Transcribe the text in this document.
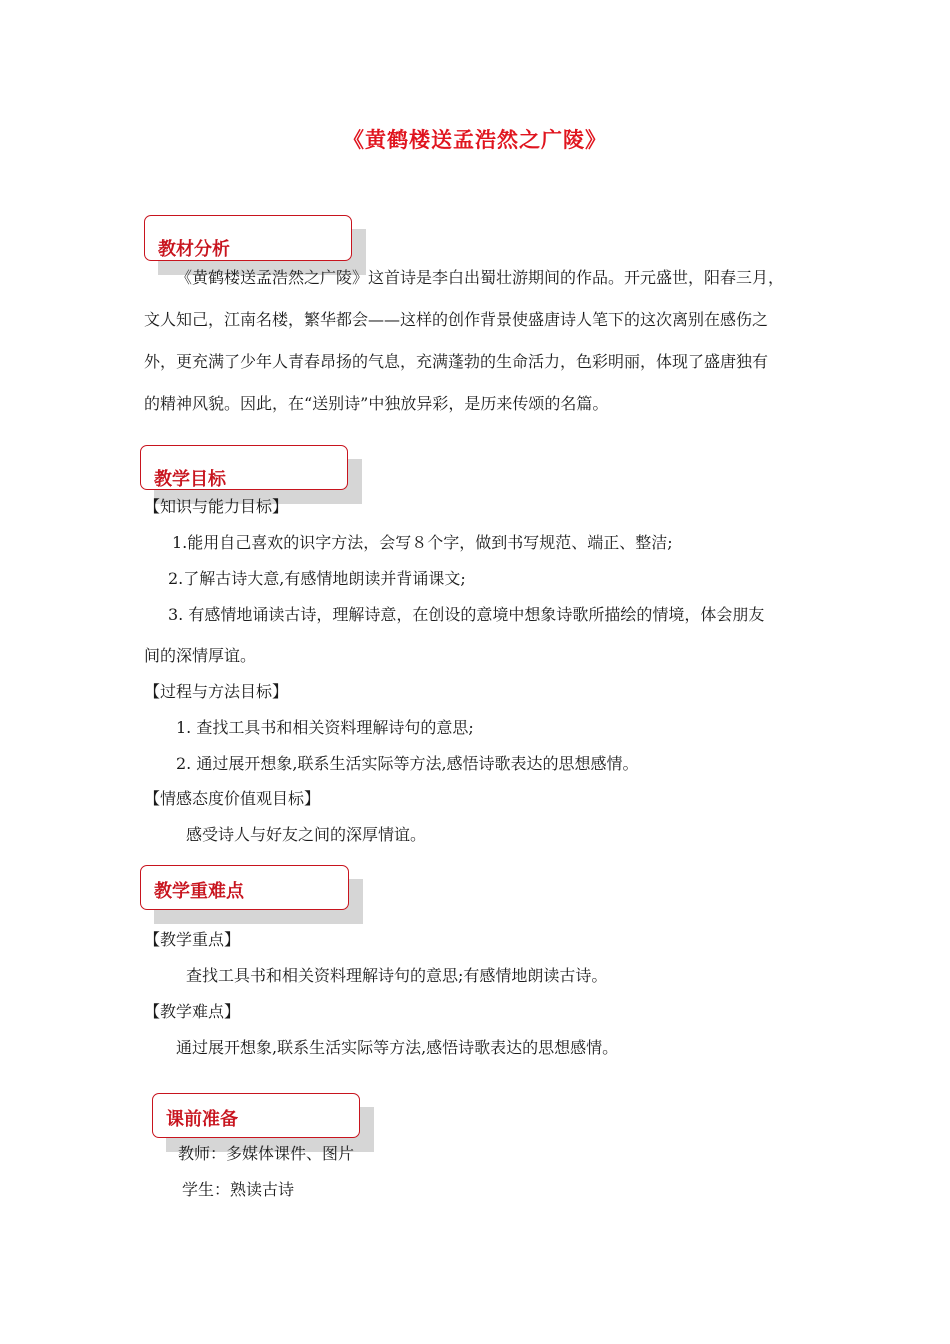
《黄鹤楼送孟浩然之广陵》
教材分析
《黄鹤楼送孟浩然之广陵》这首诗是李白出蜀壮游期间的作品。开元盛世，阳春三月，
文人知己，江南名楼，繁华都会——这样的创作背景使盛唐诗人笔下的这次离别在感伤之
外，更充满了少年人青春昂扬的气息，充满蓬勃的生命活力，色彩明丽，体现了盛唐独有
的精神风貌。因此，在“送别诗”中独放异彩，是历来传颂的名篇。
教学目标
【知识与能力目标】
1.能用自己喜欢的识字方法，会写８个字，做到书写规范、端正、整洁;
2.了解古诗大意,有感情地朗读并背诵课文;
3. 有感情地诵读古诗，理解诗意，在创设的意境中想象诗歌所描绘的情境，体会朋友
间的深情厚谊。
【过程与方法目标】
1. 查找工具书和相关资料理解诗句的意思;
2. 通过展开想象,联系生活实际等方法,感悟诗歌表达的思想感情。
【情感态度价值观目标】
感受诗人与好友之间的深厚情谊。
教学重难点
【教学重点】
查找工具书和相关资料理解诗句的意思;有感情地朗读古诗。
【教学难点】
通过展开想象,联系生活实际等方法,感悟诗歌表达的思想感情。
课前准备
教师：多媒体课件、图片
学生：熟读古诗
